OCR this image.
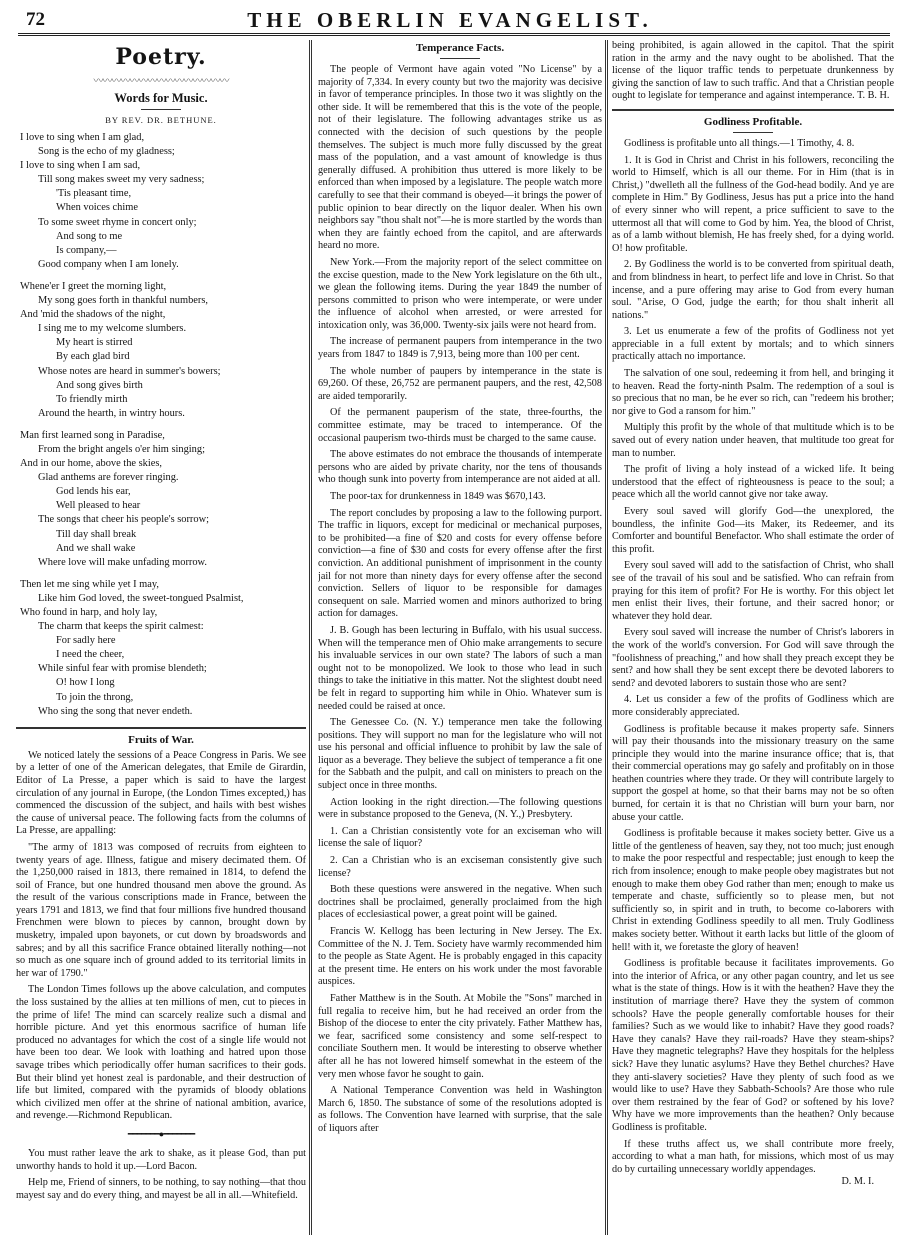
72	THE OBERLIN EVANGELIST.
Poetry.
〰〰〰〰〰〰〰〰〰〰〰〰〰〰〰
Words for Music.
BY REV. DR. BETHUNE.
I love to sing when I am glad,
Song is the echo of my gladness;
I love to sing when I am sad,
Till song makes sweet my very sadness;
'Tis pleasant time,
When voices chime
To some sweet rhyme in concert only;
And song to me
Is company,—
Good company when I am lonely.
Whene'er I greet the morning light,
My song goes forth in thankful numbers,
And 'mid the shadows of the night,
I sing me to my welcome slumbers.
My heart is stirred
By each glad bird
Whose notes are heard in summer's bowers;
And song gives birth
To friendly mirth
Around the hearth, in wintry hours.
Man first learned song in Paradise,
From the bright angels o'er him singing;
And in our home, above the skies,
Glad anthems are forever ringing.
God lends his ear,
Well pleased to hear
The songs that cheer his people's sorrow;
Till day shall break
And we shall wake
Where love will make unfading morrow.
Then let me sing while yet I may,
Like him God loved, the sweet-tongued Psalmist,
Who found in harp, and holy lay,
The charm that keeps the spirit calmest:
For sadly here
I need the cheer,
While sinful fear with promise blendeth;
O! how I long
To join the throng,
Who sing the song that never endeth.
Fruits of War.

We noticed lately the sessions of a Peace Congress in Paris. We see by a letter of one of the American delegates, that Emile de Girardin, Editor of La Presse, a paper which is said to have the largest circulation of any journal in Europe, (the London Times excepted,) has commenced the discussion of the subject, and hails with best wishes the cause of universal peace. The following facts from the columns of La Presse, are appalling:

"The army of 1813 was composed of recruits from eighteen to twenty years of age. Illness, fatigue and misery decimated them. Of the 1,250,000 raised in 1813, there remained in 1814, to defend the soil of France, but one hundred thousand men above the ground. As the result of the various conscriptions made in France, between the years 1791 and 1813, we find that four millions five hundred thousand Frenchmen were blown to pieces by cannon, brought down by musketry, impaled upon bayonets, or cut down by broadswords and sabres; and by all this sacrifice France obtained literally nothing—not so much as one square inch of ground added to its territorial limits in her war of 1790."

The London Times follows up the above calculation, and computes the loss sustained by the allies at ten millions of men, cut to pieces in the prime of life! The mind can scarcely realize such a dismal and horrible picture. And yet this enormous sacrifice of human life produced no advantages for which the cost of a single life would not have been too dear. We look with loathing and hatred upon those savage tribes which periodically offer human sacrifices to their gods. But their blind yet honest zeal is pardonable, and their destruction of life but limited, compared with the pyramids of bloody oblations which civilized men offer at the shrine of national ambition, avarice, and revenge.—Richmond Republican.

━━━━━━━●━━━━━━━

You must rather leave the ark to shake, as it please God, than put unworthy hands to hold it up.—Lord Bacon.

Help me, Friend of sinners, to be nothing, to say nothing—that thou mayest say and do every thing, and mayest be all in all.—Whitefield.

Temperance Facts.

The people of Vermont have again voted "No License" by a majority of 7,334. In every county but two the majority was decisive in favor of temperance principles. In those two it was slightly on the other side. It will be remembered that this is the vote of the people, not of their legislature. The following advantages strike us as connected with the decision of such questions by the people themselves. The subject is much more fully discussed by the great mass of the population, and a vast amount of knowledge is thus generally diffused. A prohibition thus uttered is more likely to be enforced than when imposed by a legislature. The people watch more carefully to see that their command is obeyed—it brings the power of public opinion to bear directly on the liquor dealer. When his own neighbors say "thou shalt not"—he is more startled by the words than when they are faintly echoed from the capitol, and are afterwards heard no more.

New York.—From the majority report of the select committee on the excise question, made to the New York legislature on the 6th ult., we glean the following items. During the year 1849 the number of persons committed to prison who were intemperate, or were under the influence of alcohol when arrested, or were arrested for intoxication only, was 36,000. Twenty-six jails were not heard from.

The increase of permanent paupers from intemperance in the two years from 1847 to 1849 is 7,913, being more than 100 per cent.

The whole number of paupers by intemperance in the state is 69,260. Of these, 26,752 are permanent paupers, and the rest, 42,508 are aided temporarily.

Of the permanent pauperism of the state, three-fourths, the committee estimate, may be traced to intemperance. Of the occasional pauperism two-thirds must be charged to the same cause.

The above estimates do not embrace the thousands of intemperate persons who are aided by private charity, nor the tens of thousands who though sunk into poverty from intemperance are not aided at all.

The poor-tax for drunkenness in 1849 was $670,143.

The report concludes by proposing a law to the following purport. The traffic in liquors, except for medicinal or mechanical purposes, to be prohibited—a fine of $20 and costs for every offense before conviction—a fine of $30 and costs for every offense after the first conviction. An additional punishment of imprisonment in the county jail for not more than ninety days for every offense after the second conviction. Sellers of liquor to be responsible for damages consequent on sale. Married women and minors authorized to bring action for damages.

J. B. Gough has been lecturing in Buffalo, with his usual success. When will the temperance men of Ohio make arrangements to secure his invaluable services in our own state? The labors of such a man ought not to be monopolized. We look to those who lead in such things to take the initiative in this matter. Not the slightest doubt need be felt in regard to supporting him while in Ohio. Whatever sum is needed could be raised at once.

The Genessee Co. (N. Y.) temperance men take the following positions. They will support no man for the legislature who will not use his personal and official influence to prohibit by law the sale of liquor as a beverage. They believe the subject of temperance a fit one for the Sabbath and the pulpit, and call on ministers to preach on the subject once in three months.

Action looking in the right direction.—The following questions were in substance proposed to the Geneva, (N. Y.,) Presbytery.

1. Can a Christian consistently vote for an exciseman who will license the sale of liquor?

2. Can a Christian who is an exciseman consistently give such license?

Both these questions were answered in the negative. When such doctrines shall be proclaimed, generally proclaimed from the high places of ecclesiastical power, a great point will be gained.

Francis W. Kellogg has been lecturing in New Jersey. The Ex. Committee of the N. J. Tem. Society have warmly recommended him to the people as State Agent. He is probably engaged in this capacity at the present time. He enters on his work under the most favorable auspices.

Father Matthew is in the South. At Mobile the "Sons" marched in full regalia to receive him, but he had received an order from the Bishop of the diocese to enter the city privately. Father Matthew has, we fear, sacrificed some consistency and some self-respect to conciliate Southern men. It would be interesting to observe whether after all he has not lowered himself somewhat in the esteem of the very men whose favor he sought to gain.

A National Temperance Convention was held in Washington March 6, 1850. The substance of some of the resolutions adopted is as follows. The Convention have learned with surprise, that the sale of liquors after

being prohibited, is again allowed in the capitol. That the spirit ration in the army and the navy ought to be abolished. That the license of the liquor traffic tends to perpetuate drunkenness by giving the sanction of law to such traffic. And that a Christian people ought to legislate for temperance and against intemperance. T. B. H.

Godliness Profitable.

Godliness is profitable unto all things.—1 Timothy, 4. 8.

1. It is God in Christ and Christ in his followers, reconciling the world to Himself, which is all our theme. For in Him (that is in Christ,) "dwelleth all the fullness of the God-head bodily. And ye are complete in Him." By Godliness, Jesus has put a price into the hand of every sinner who will repent, a price sufficient to save to the uttermost all that will come to God by him. Yea, the blood of Christ, as of a lamb without blemish, He has freely shed, for a dying world. O! how profitable.

2. By Godliness the world is to be converted from spiritual death, and from blindness in heart, to perfect life and love in Christ. So that incense, and a pure offering may arise to God from every human soul. "Arise, O God, judge the earth; for thou shalt inherit all nations."

3. Let us enumerate a few of the profits of Godliness not yet appreciable in a full extent by mortals; and to which sinners practically attach no importance.

The salvation of one soul, redeeming it from hell, and bringing it to heaven. Read the forty-ninth Psalm. The redemption of a soul is so precious that no man, be he ever so rich, can "redeem his brother; nor give to God a ransom for him."

Multiply this profit by the whole of that multitude which is to be saved out of every nation under heaven, that multitude too great for man to number.

The profit of living a holy instead of a wicked life. It being understood that the effect of righteousness is peace to the soul; a peace which all the world cannot give nor take away.

Every soul saved will glorify God—the unexplored, the boundless, the infinite God—its Maker, its Redeemer, and its Comforter and bountiful Benefactor. Who shall estimate the order of this profit.

Every soul saved will add to the satisfaction of Christ, who shall see of the travail of his soul and be satisfied. Who can refrain from praying for this item of profit? For He is worthy. For this object let men enlist their lives, their fortune, and their sacred honor; or whatever they hold dear.

Every soul saved will increase the number of Christ's laborers in the work of the world's conversion. For God will save through the "foolishness of preaching," and how shall they preach except they be sent? and how shall they be sent except there be devoted laborers to send? and devoted laborers to sustain those who are sent?

4. Let us consider a few of the profits of Godliness which are more considerably appreciated.

Godliness is profitable because it makes property safe. Sinners will pay their thousands into the missionary treasury on the same principle they would into the marine insurance office; that is, that their commercial operations may go safely and profitably on in those heathen countries where they trade. Or they will contribute largely to support the gospel at home, so that their barns may not be so often burned, for certain it is that no Christian will burn your barn, nor abuse your cattle.

Godliness is profitable because it makes society better. Give us a little of the gentleness of heaven, say they, not too much; just enough to make the poor respectful and respectable; just enough to keep the rich from insolence; enough to make people obey magistrates but not enough to make them obey God rather than men; enough to make us temperate and chaste, sufficiently so to please men, but not sufficiently so, in spirit and in truth, to become co-laborers with Christ in extending Godliness speedily to all men. Truly Godliness makes society better. Without it earth lacks but little of the gloom of hell! with it, we foretaste the glory of heaven!

Godliness is profitable because it facilitates improvements. Go into the interior of Africa, or any other pagan country, and let us see what is the state of things. How is it with the heathen? Have they the institution of marriage there? Have they the system of common schools? Have the people generally comfortable houses for their families? Such as we would like to inhabit? Have they good roads? Have they canals? Have they rail-roads? Have they steam-ships? Have they magnetic telegraphs? Have they hospitals for the helpless sick? Have they lunatic asylums? Have they Bethel churches? Have they anti-slavery societies? Have they plenty of such food as we would like to use? Have they Sabbath-Schools? Are those who rule over them restrained by the fear of God? or softened by his love? Why have we more improvements than the heathen? Only because Godliness is profitable.

If these truths affect us, we shall contribute more freely, according to what a man hath, for missions, which most of us may do by curtailing unnecessary worldly appendages.

D. M. I.
